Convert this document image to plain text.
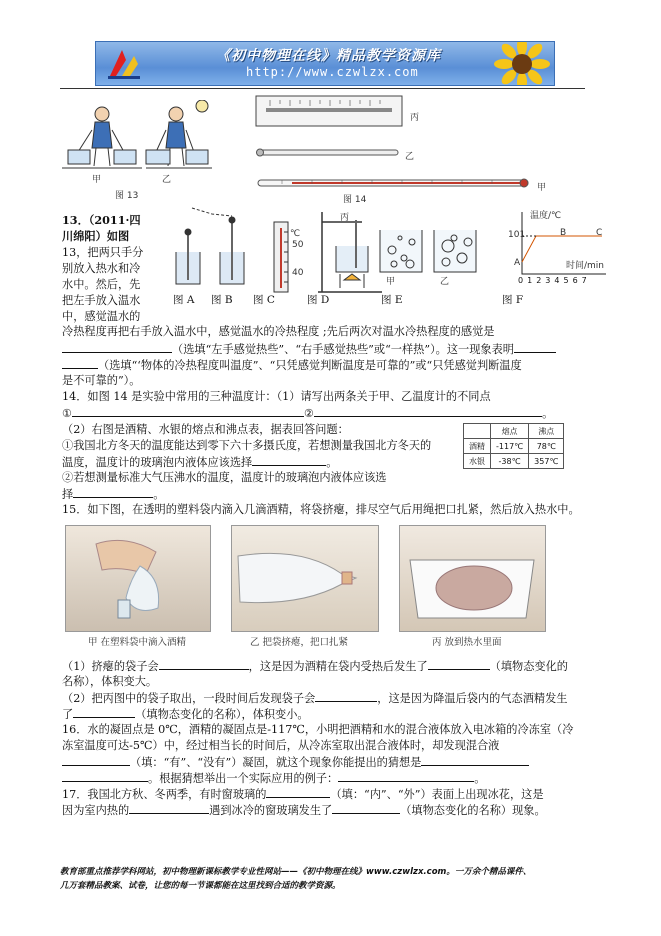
《初中物理在线》精品教学资源库
http://www.czwlzx.com
甲	乙
图 13
丙
乙
甲
图 14
13．（2011·四
川绵阳）如图
13，把两只手分
别放入热水和冷
水中。然后，先
把左手放入温水
中，感觉温水的
图 A 图 B 图 C	图 D	图 E	图 F
℃
50
40
甲	乙
丙	温度/℃
101
A
B	C
时间/min
01234567
冷热程度再把右手放入温水中，感觉温水的冷热程度 ;先后两次对温水冷热程度的感觉是
（选填“左手感觉热些”、“右手感觉热些”或“一样热”）。这一现象表明
（选填“‘物体的冷热程度叫温度”、“只凭感觉判断温度是可靠的”或“只凭感觉判断温度
是不可靠的”）。
14．如图 14 是实验中常用的三种温度计：（1）请写出两条关于甲、乙温度计的不同点
①	②	。
（2）右图是酒精、水银的熔点和沸点表，据表回答问题：
①我国北方冬天的温度能达到零下六十多摄氏度，若想测量我国北方冬天的
温度，温度计的玻璃泡内液体应该选择	。
②若想测量标准大气压沸水的温度，温度计的玻璃泡内液体应该选
择	。
	熔点	沸点
酒精	-117℃	78℃
水银	-38℃	357℃
15．如下图，在透明的塑料袋内滴入几滴酒精，将袋挤瘪，排尽空气后用绳把口扎紧，然后放入热水中。
甲 在塑料袋中滴入酒精	乙 把袋挤瘪，把口扎紧	丙 放到热水里面
（1）挤瘪的袋子会	，这是因为酒精在袋内受热后发生了	（填物态变化的
名称），体积变大。
（2）把丙图中的袋子取出，一段时间后发现袋子会	，这是因为降温后袋内的气态酒精发生
了	（填物态变化的名称），体积变小。
16．水的凝固点是 0℃，酒精的凝固点是-117℃，小明把酒精和水的混合液体放入电冰箱的冷冻室（冷
冻室温度可达-5℃）中，经过相当长的时间后，从冷冻室取出混合液体时，却发现混合液
（填：“有”、“没有”）凝固，就这个现象你能提出的猜想是
。根据猜想举出一个实际应用的例子：	。
17．我国北方秋、冬两季，有时窗玻璃的	（填：“内”、“外”）表面上出现冰花，这是
因为室内热的	遇到冰冷的窗玻璃发生了	（填物态变化的名称）现象。
教育部重点推荐学科网站，初中物理新课标教学专业性网站——《初中物理在线》www.czwlzx.com。一万余个精品课件、
几万套精品教案、试卷，让您的每一节课都能在这里找到合适的教学资源。
